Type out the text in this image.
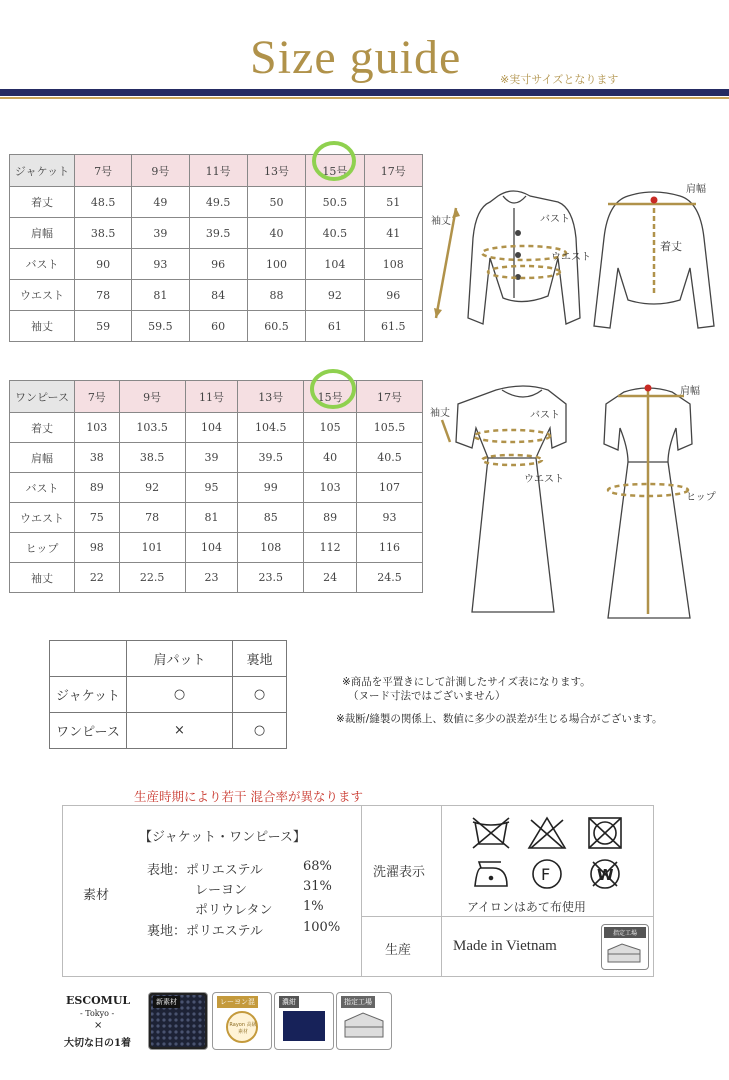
Size guide	※実寸サイズとなります
ジャケット	7号	9号	11号	13号	15号	17号
着丈	48.5	49	49.5	50	50.5	51
肩幅	38.5	39	39.5	40	40.5	41
バスト	90	93	96	100	104	108
ウエスト	78	81	84	88	92	96
袖丈	59	59.5	60	60.5	61	61.5
ワンピース	7号	9号	11号	13号	15号	17号
着丈	103	103.5	104	104.5	105	105.5
肩幅	38	38.5	39	39.5	40	40.5
バスト	89	92	95	99	103	107
ウエスト	75	78	81	85	89	93
ヒップ	98	101	104	108	112	116
袖丈	22	22.5	23	23.5	24	24.5
袖丈	バスト
ウエスト
肩幅
着丈
袖丈	バスト
ウエスト
肩幅
ヒップ
	肩パット	裏地
ジャケット	○	○
ワンピース	×	○
※商品を平置きにして計測したサイズ表になります。
（ヌード寸法ではございません）
※裁断/縫製の関係上、数値に多少の誤差が生じる場合がございます。
生産時期により若干 混合率が異なります
素材
【ジャケット・ワンピース】
表地：ポリエステル	68%
レーヨン	31%
ポリウレタン 1%
裏地：ポリエステル	100%
洗濯表示
生産	Made in Vietnam
アイロンはあて布使用
指定工場
F	W
ESCOMUL
- Tokyo -
×
大切な日の1着
新素材	レーヨン混
Rayon 高級素材
濃紺	指定工場
